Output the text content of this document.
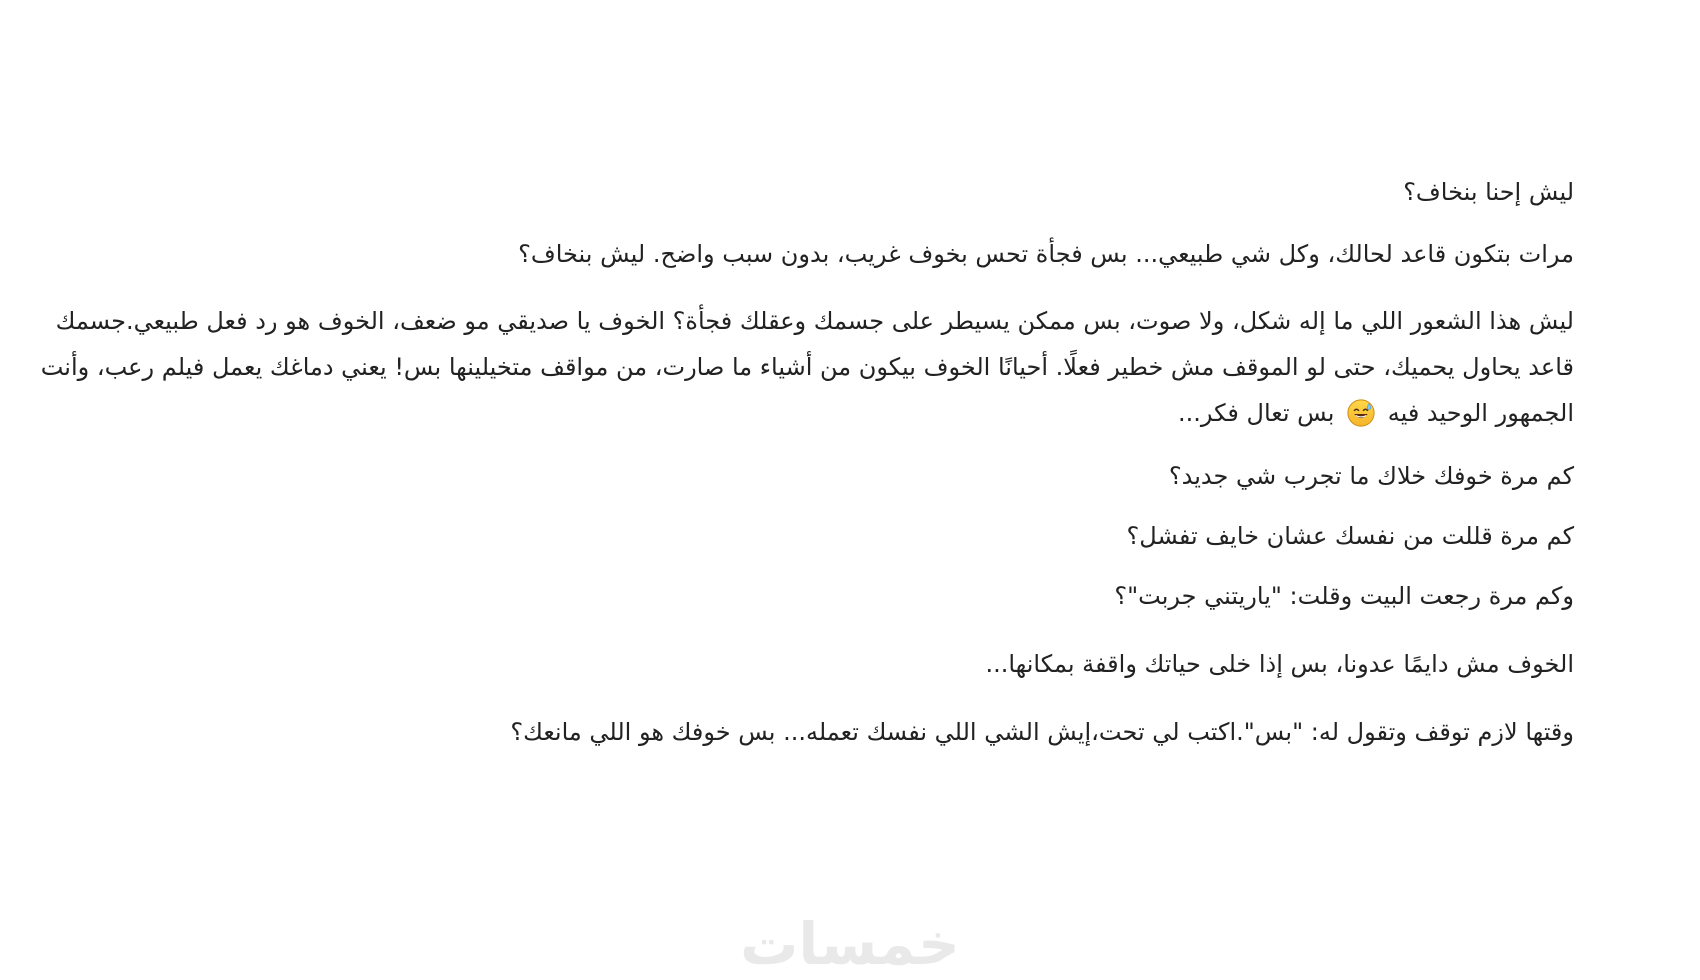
ليش إحنا بنخاف؟

مرات بتكون قاعد لحالك، وكل شي طبيعي... بس فجأة تحس بخوف غريب، بدون سبب واضح. ليش بنخاف؟

ليش هذا الشعور اللي ما إله شكل، ولا صوت، بس ممكن يسيطر على جسمك وعقلك فجأة؟ الخوف يا صديقي مو ضعف، الخوف هو رد فعل طبيعي.جسمك قاعد يحاول يحميك، حتى لو الموقف مش خطير فعلًا. أحيانًا الخوف بيكون من أشياء ما صارت، من مواقف متخيلينها بس! يعني دماغك يعمل فيلم رعب، وأنت الجمهور الوحيد فيه  بس تعال فكر...

كم مرة خوفك خلاك ما تجرب شي جديد؟

كم مرة قللت من نفسك عشان خايف تفشل؟

وكم مرة رجعت البيت وقلت: "ياريتني جربت"؟

الخوف مش دايمًا عدونا، بس إذا خلى حياتك واقفة بمكانها...

وقتها لازم توقف وتقول له: "بس".اكتب لي تحت،إيش الشي اللي نفسك تعمله... بس خوفك هو اللي مانعك؟

خمسات
